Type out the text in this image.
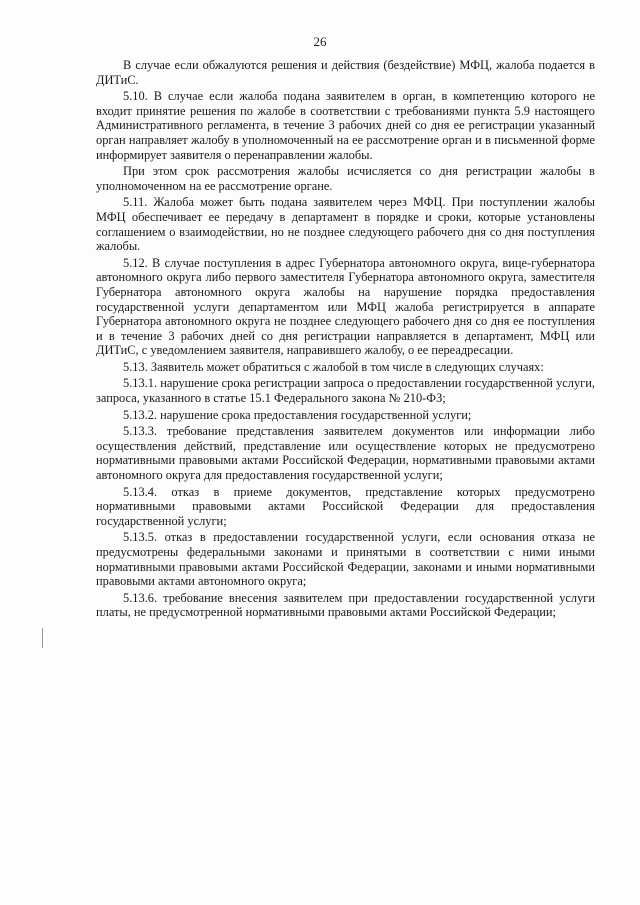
26

В случае если обжалуются решения и действия (бездействие) МФЦ, жалоба подается в ДИТиС.

5.10. В случае если жалоба подана заявителем в орган, в компетенцию которого не входит принятие решения по жалобе в соответствии с требованиями пункта 5.9 настоящего Административного регламента, в течение 3 рабочих дней со дня ее регистрации указанный орган направляет жалобу в уполномоченный на ее рассмотрение орган и в письменной форме информирует заявителя о перенаправлении жалобы.

При этом срок рассмотрения жалобы исчисляется со дня регистрации жалобы в уполномоченном на ее рассмотрение органе.

5.11. Жалоба может быть подана заявителем через МФЦ. При поступлении жалобы МФЦ обеспечивает ее передачу в департамент в порядке и сроки, которые установлены соглашением о взаимодействии, но не позднее следующего рабочего дня со дня поступления жалобы.

5.12. В случае поступления в адрес Губернатора автономного округа, вице-губернатора автономного округа либо первого заместителя Губернатора автономного округа, заместителя Губернатора автономного округа жалобы на нарушение порядка предоставления государственной услуги департаментом или МФЦ жалоба регистрируется в аппарате Губернатора автономного округа не позднее следующего рабочего дня со дня ее поступления и в течение 3 рабочих дней со дня регистрации направляется в департамент, МФЦ или ДИТиС, с уведомлением заявителя, направившего жалобу, о ее переадресации.

5.13. Заявитель может обратиться с жалобой в том числе в следующих случаях:

5.13.1. нарушение срока регистрации запроса о предоставлении государственной услуги, запроса, указанного в статье 15.1 Федерального закона № 210-ФЗ;

5.13.2. нарушение срока предоставления государственной услуги;

5.13.3. требование представления заявителем документов или информации либо осуществления действий, представление или осуществление которых не предусмотрено нормативными правовыми актами Российской Федерации, нормативными правовыми актами автономного округа для предоставления государственной услуги;

5.13.4. отказ в приеме документов, представление которых предусмотрено нормативными правовыми актами Российской Федерации для предоставления государственной услуги;

5.13.5. отказ в предоставлении государственной услуги, если основания отказа не предусмотрены федеральными законами и принятыми в соответствии с ними иными нормативными правовыми актами Российской Федерации, законами и иными нормативными правовыми актами автономного округа;

5.13.6. требование внесения заявителем при предоставлении государственной услуги платы, не предусмотренной нормативными правовыми актами Российской Федерации;
